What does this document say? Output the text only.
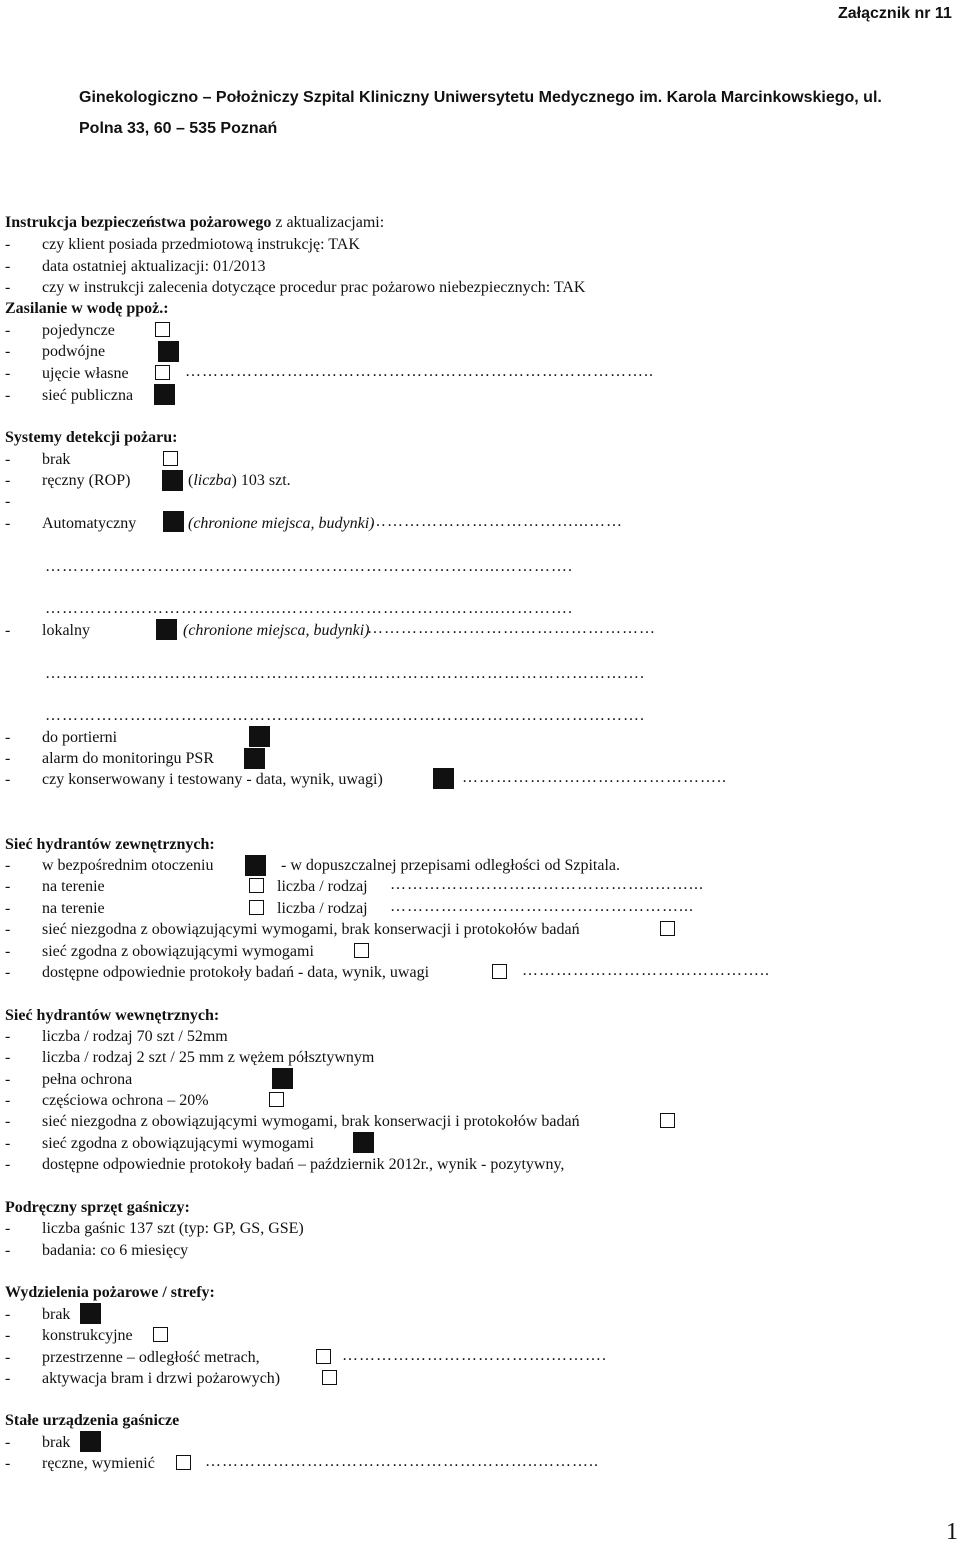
Załącznik nr 11
Ginekologiczno – Położniczy Szpital Kliniczny Uniwersytetu Medycznego im. Karola Marcinkowskiego, ul.
Polna 33, 60 – 535 Poznań
Instrukcja bezpieczeństwa pożarowego z aktualizacjami:
- czy klient posiada przedmiotową instrukcję: TAK
- data ostatniej aktualizacji: 01/2013
- czy w instrukcji zalecenia dotyczące procedur prac pożarowo niebezpiecznych: TAK
Zasilanie w wodę ppoż.:
- pojedyncze
- podwójne
- ujęcie własne	………………………………………………………………………..
- sieć publiczna
Systemy detekcji pożaru:
- brak
- ręczny (ROP)	(liczba) 103 szt.
-
- Automatyczny	(chronione miejsca, budynki)
………………………………...……
…………………………………...………………………………...………….
…………………………………...………………………………...………….
- lokalny	(chronione miejsca, budynki)
……………………………………………
…………………………………………………………………………………………….
…………………………………………………………………………………………….
- do portierni
- alarm do monitoringu PSR
- czy konserwowany i testowany - data, wynik, uwagi)	………………………………………..
Sieć hydrantów zewnętrznych:
- w bezpośrednim otoczeniu	- w dopuszczalnej przepisami odległości od Szpitala.
- na terenie	liczba / rodzaj ………………………………………..……...
- na terenie	liczba / rodzaj ……………………………………………...
- sieć niezgodna z obowiązującymi wymogami, brak konserwacji i protokołów badań
- sieć zgodna z obowiązującymi wymogami
- dostępne odpowiednie protokoły badań - data, wynik, uwagi	……………………………………..
Sieć hydrantów wewnętrznych:
- liczba / rodzaj 70 szt / 52mm
- liczba / rodzaj 2 szt / 25 mm z wężem półsztywnym
- pełna ochrona
- częściowa ochrona – 20%
- sieć niezgodna z obowiązującymi wymogami, brak konserwacji i protokołów badań
- sieć zgodna z obowiązującymi wymogami
- dostępne odpowiednie protokoły badań – październik 2012r., wynik - pozytywny,
Podręczny sprzęt gaśniczy:
- liczba gaśnic 137 szt (typ: GP, GS, GSE)
- badania: co 6 miesięcy
Wydzielenia pożarowe / strefy:
- brak
- konstrukcyjne
- przestrzenne – odległość metrach,	……………………………….……….
- aktywacja bram i drzwi pożarowych)
Stałe urządzenia gaśnicze
- brak
- ręczne, wymienić	…………………………………………………..………..
1
